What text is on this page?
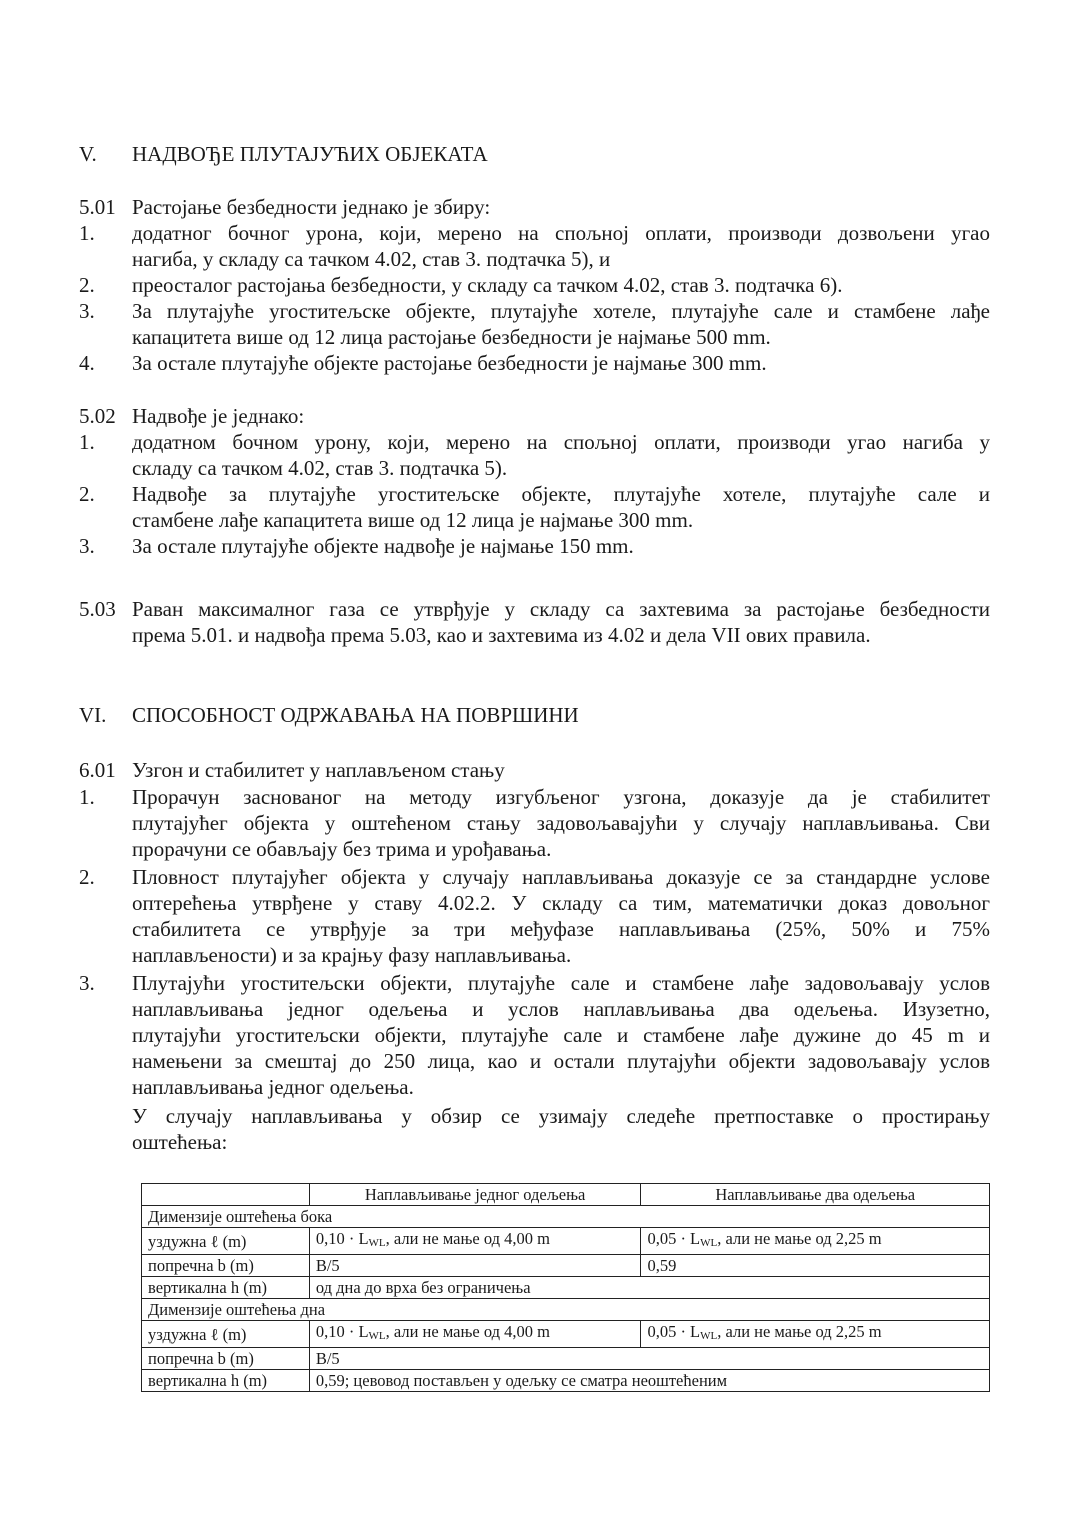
V. НАДВОЂЕ ПЛУТАЈУЋИХ ОБЈЕКАТА
5.01 Растојање безбедности једнако је збиру:
1. додатног бочног урона, који, мерено на спољној оплати, производи дозвољени угао
нагиба, у складу са тачком 4.02, став 3. подтачка 5), и
2. преосталог растојања безбедности, у складу са тачком 4.02, став 3. подтачка 6).
3. За плутајуће угоститељске објекте, плутајуће хотеле, плутајуће сале и стамбене лађе
капацитета више од 12 лица растојање безбедности је најмање 500 mm.
4. За остале плутајуће објекте растојање безбедности је најмање 300 mm.
5.02 Надвође је једнако:
1. додатном бочном урону, који, мерено на спољној оплати, производи угао нагиба у
складу са тачком 4.02, став 3. подтачка 5).
2. Надвође за плутајуће угоститељске објекте, плутајуће хотеле, плутајуће сале и
стамбене лађе капацитета више од 12 лица је најмање 300 mm.
3. За остале плутајуће објекте надвође је најмање 150 mm.
5.03 Раван максималног газа се утврђује у складу са захтевима за растојање безбедности
према 5.01. и надвођа према 5.03, као и захтевима из 4.02 и дела VII ових правила.
VI. СПОСОБНОСТ ОДРЖАВАЊА НА ПОВРШИНИ
6.01 Узгон и стабилитет у наплављеном стању
1. Прорачун заснованог на методу изгубљеног узгона, доказује да је стабилитет
плутајућег објекта у оштећеном стању задовољавајући у случају наплављивања. Сви
прорачуни се обављају без трима и урођавања.
2. Пловност плутајућег објекта у случају наплављивања доказује се за стандардне услове
оптерећења утврђене у ставу 4.02.2. У складу са тим, математички доказ довољног
стабилитета се утврђује за три међуфазе наплављивања (25%, 50% и 75%
наплављености) и за крајњу фазу наплављивања.
3. Плутајући угоститељски објекти, плутајуће сале и стамбене лађе задовољавају услов
наплављивања једног одељења и услов наплављивања два одељења. Изузетно,
плутајући угоститељски објекти, плутајуће сале и стамбене лађе дужине до 45 m и
намењени за смештај до 250 лица, као и остали плутајући објекти задовољавају услов
наплављивања једног одељења.
У случају наплављивања у обзир се узимају следеће претпоставке о простирању
оштећења:
	Наплављивање једног одељења	Наплављивање два одељења
Димензије оштећења бока		
уздужна ℓ (m)	$0,10 \cdot L_{WL}$, али не мање од 4,00 m	$0,05 \cdot L_{WL}$, али не мање од 2,25 m
попречна b (m)	B/5	0,59
вертикална h (m)	од дна до врха без ограничења	
Димензије оштећења дна		
уздужна ℓ (m)	$0,10 \cdot L_{WL}$, али не мање од 4,00 m	$0,05 \cdot L_{WL}$, али не мање од 2,25 m
попречна b (m)	B/5	
вертикална h (m)	0,59; цевовод постављен у одељку се сматра неоштећеним	
